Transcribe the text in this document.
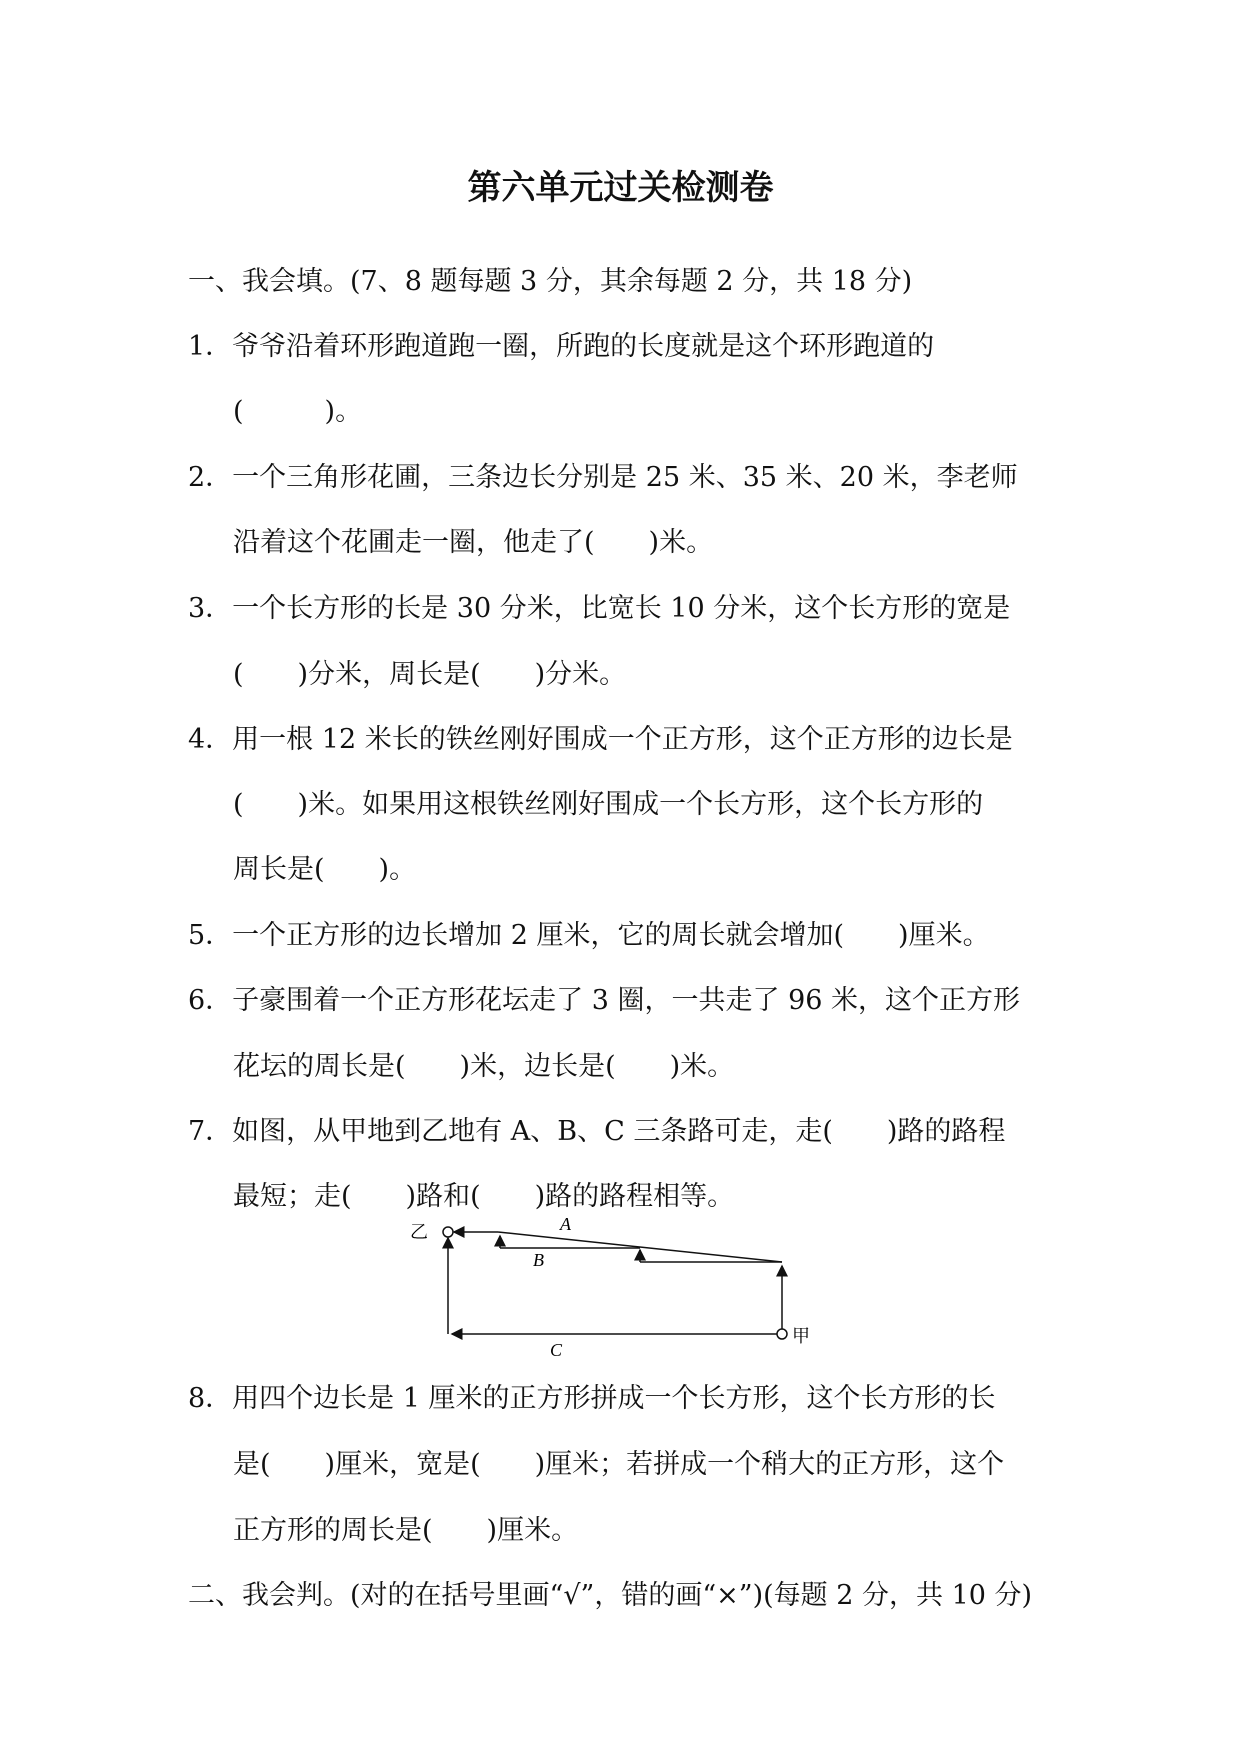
第六单元过关检测卷
一、我会填。(7、8 题每题 3 分，其余每题 2 分，共 18 分)
1．爷爷沿着环形跑道跑一圈，所跑的长度就是这个环形跑道的
(　　　)。
2．一个三角形花圃，三条边长分别是 25 米、35 米、20 米，李老师
沿着这个花圃走一圈，他走了(　　)米。
3．一个长方形的长是 30 分米，比宽长 10 分米，这个长方形的宽是
(　　)分米，周长是(　　)分米。
4．用一根 12 米长的铁丝刚好围成一个正方形，这个正方形的边长是
(　　)米。如果用这根铁丝刚好围成一个长方形，这个长方形的
周长是(　　)。
5．一个正方形的边长增加 2 厘米，它的周长就会增加(　　)厘米。
6．子豪围着一个正方形花坛走了 3 圈，一共走了 96 米，这个正方形
花坛的周长是(　　)米，边长是(　　)米。
7．如图，从甲地到乙地有 A、B、C 三条路可走，走(　　)路的路程
最短；走(　　)路和(　　)路的路程相等。
乙
甲
A
B
C
8．用四个边长是 1 厘米的正方形拼成一个长方形，这个长方形的长
是(　　)厘米，宽是(　　)厘米；若拼成一个稍大的正方形，这个
正方形的周长是(　　)厘米。
二、我会判。(对的在括号里画“√”，错的画“×”)(每题 2 分，共 10 分)
